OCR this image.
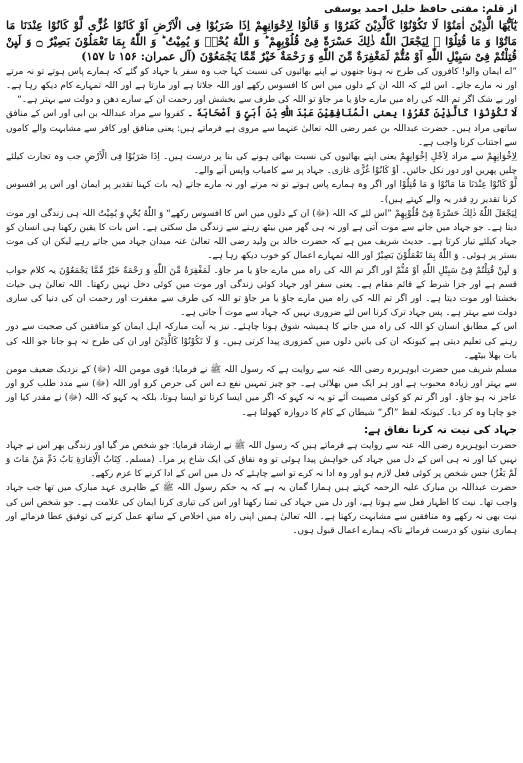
از قلم: مفتی حافظ خلیل احمد یوسفی

یٰٓاَیُّهَا الَّذِیْنَ اٰمَنُوْا لَا تَكُوْنُوْا كَالَّذِیْنَ كَفَرُوْا وَ قَالُوْا لِاِخْوَانِهِمْ اِذَا ضَرَبُوْا فِی الْاَرْضِ اَوْ كَانُوْا غُزًّى لَّوْ كَانُوْا عِنْدَنَا مَا مَاتُوْا وَ مَا قُتِلُوْا ۚ لِیَجْعَلَ اللّٰهُ ذٰلِكَ حَسْرَةً فِیْ قُلُوْبِهِمْ ؕ وَ اللّٰهُ یُحْیٖ وَ یُمِیْتُ ؕ وَ اللّٰهُ بِمَا تَعْمَلُوْنَ بَصِیْرٌ ۝ وَ لَىِٕنْ قُتِلْتُمْ فِیْ سَبِیْلِ اللّٰهِ اَوْ مُتُّمْ لَمَغْفِرَةٌ مِّنَ اللّٰهِ وَ رَحْمَةٌ خَیْرٌ مِّمَّا یَجْمَعُوْنَ (آل عمران: ۱۵۶ تا ۱۵۷)

”اے ایمان والو! کافروں کی طرح نہ ہونا جنھوں نے اپنے بھائیوں کی نسبت کہا جب وہ سفر یا جہاد کو گئے کہ ہمارے پاس ہوتے تو نہ مرتے اور نہ مارے جاتے۔ اس لئے کہ اللہ ان کے دلوں میں اس کا افسوس رکھے اور اللہ جلاتا ہے اور مارتا ہے اور اللہ تمہارے کام دیکھ رہا ہے۔ اور بے شک اگر تم اللہ کی راہ میں مارے جاؤ یا مر جاؤ تو اللہ کی طرف سے بخشش اور رحمت ان کے سارے دھن و دولت سے بہتر ہے۔“

لَا تَكُوْنُوْا كَالَّذِیْنَ كَفَرُوْا یعنی الْمُنَافِقِیْنَ عَبْدَ اللّٰهِ بْنَ اُبَیٍّ وَ اَصْحَابَهٗ ۔ کفروا سے مراد عبداللہ بن ابی اور اس کے منافق ساتھی مراد ہیں۔ حضرت عبداللہ بن عمر رضی اللہ تعالیٰ عنہما سے مروی ہے فرماتے ہیں: یعنی منافق اور کافر سے مشابہت والے کاموں سے اجتناب کرنا واجب ہے۔

لِاِخْوَانِهِمْ سے مراد لِاَجْلِ اِخْوَانِهِمْ یعنی اپنے بھائیوں کی نسبت بھائی ہونے کی بنا پر درست ہیں۔ اِذَا ضَرَبُوْا فِی الْاَرْضِ جب وہ تجارت کیلئے چلیں پھریں اور دور نکل جائیں۔ اَوْ كَانُوْا غُزًّى غازی۔ جہاد پر سے کامیاب واپس آنے والے۔

لَّوْ كَانُوْا عِنْدَنَا مَا مَاتُوْا وَ مَا قُتِلُوْا اور اگر وہ ہمارے پاس ہوتے تو نہ مرتے اور نہ مارے جاتے (یہ بات کہنا تقدیر پر ایمان اور اس پر افسوس کرنا تقدیر ردِ قدر یہ والے کہتے ہیں)۔

لِیَجْعَلَ اللّٰهُ ذٰلِكَ حَسْرَةً فِیْ قُلُوْبِهِمْ ”اس لئے کہ اللہ (ﷻ) ان کے دلوں میں اس کا افسوس رکھے“ وَ اللّٰهُ یُحْیٖ وَ یُمِیْتُ اللہ ہی زندگی اور موت دیتا ہے۔ جو جہاد میں جانے سے موت آتی ہے اور نہ ہی گھر میں بیٹھ رہنے سے زندگی مل سکتی ہے۔ اس بات کا یقین رکھنا ہی انسان کو جہاد کیلئے تیار کرتا ہے۔ حدیث شریف میں ہے کہ حضرت خالد بن ولید رضی اللہ تعالیٰ عنہ میدان جہاد میں جاتے رہے لیکن ان کی موت بستر پر ہوئی۔ وَ اللّٰهُ بِمَا تَعْمَلُوْنَ بَصِیْرٌ اور اللہ تمہارے اعمال کو خوب دیکھ رہا ہے۔

وَ لَىِٕنْ قُتِلْتُمْ فِیْ سَبِیْلِ اللّٰهِ اَوْ مُتُّمْ اور اگر تم اللہ کی راہ میں مارے جاؤ یا مر جاؤ۔ لَمَغْفِرَةٌ مِّنَ اللّٰهِ وَ رَحْمَةٌ خَیْرٌ مِّمَّا یَجْمَعُوْنَ یہ کلام جواب قسم ہے اور جزا شرط کے قائم مقام ہے۔ یعنی سفر اور جہاد کوئی زندگی اور موت میں کوئی دخل نہیں رکھتا۔ اللہ تعالیٰ ہی حیات بخشتا اور موت دیتا ہے۔ اور اگر تم اللہ کی راہ میں مارے جاؤ یا مر جاؤ تو اللہ کی طرف سے مغفرت اور رحمت ان کی دنیا کی ساری دولت سے بہتر ہے۔ پس جہاد ترک کرنا اس لئے ضروری نہیں کہ جہاد سے موت آ جاتی ہے۔

اس کے مطابق انسان کو اللہ کی راہ میں جانے کا ہمیشہ شوق ہونا چاہئے۔ نیز یہ آیت مبارکہ اہل ایمان کو منافقین کی صحبت سے دور رہنے کی تعلیم دیتی ہے کیونکہ ان کی باتیں دلوں میں کمزوری پیدا کرتی ہیں۔ وَ لَا تَكُوْنُوْا كَالَّذِیْنَ اور ان کی طرح نہ ہو جانا جو اللہ کی بات بھلا بیٹھے۔

مسلم شریف میں حضرت ابوہریرہ رضی اللہ عنہ سے روایت ہے کہ رسول اللہ ﷺ نے فرمایا: قوی مومن اللہ (ﷻ) کے نزدیک ضعیف مومن سے بہتر اور زیادہ محبوب ہے اور ہر ایک میں بھلائی ہے۔ جو چیز تمہیں نفع دے اس کی حرص کرو اور اللہ (ﷻ) سے مدد طلب کرو اور عاجز نہ ہو جاؤ۔ اور اگر تم کو کوئی مصیبت آئے تو یہ نہ کہو کہ اگر میں ایسا کرتا تو ایسا ہوتا، بلکہ یہ کہو کہ اللہ (ﷻ) نے مقدر کیا اور جو چاہا وہ کر دیا۔ کیونکہ لفظ ”اگر“ شیطان کے کام کا دروازہ کھولتا ہے۔

جہاد کی نیت نہ کرنا نفاق ہے:

حضرت ابوہریرہ رضی اللہ عنہ سے روایت ہے فرماتے ہیں کہ رسول اللہ ﷺ نے ارشاد فرمایا: جو شخص مر گیا اور زندگی بھر اس نے جہاد نہیں کیا اور نہ ہی اس کے دل میں جہاد کی خواہش پیدا ہوئی تو وہ نفاق کی ایک شاخ پر مرا۔ (مسلم۔ كِتَابُ الْاِمَارَةِ بَابُ ذَمِّ مَنْ مَاتَ وَ لَمْ یَغْزُ) جس شخص پر کوئی فعل لازم ہو اور وہ ادا نہ کرے تو اسے چاہئے کہ دل میں اس کے ادا کرنے کا عزم رکھے۔

حضرت عبداللہ بن مبارک علیہ الرحمہ کہتے ہیں ہمارا گمان یہ ہے کہ یہ حکم رسول اللہ ﷺ کے ظاہری عہد مبارک میں تھا جب جہاد واجب تھا۔ نیت کا اظہار فعل سے ہوتا ہے، اور دل میں جہاد کی تمنا رکھنا اور اس کی تیاری کرنا ایمان کی علامت ہے۔ جو شخص اس کی نیت بھی نہ رکھے وہ منافقین سے مشابہت رکھتا ہے۔ اللہ تعالیٰ ہمیں اپنی راہ میں اخلاص کے ساتھ عمل کرنے کی توفیق عطا فرمائے اور ہماری نیتوں کو درست فرمائے تاکہ ہمارے اعمال قبول ہوں۔
